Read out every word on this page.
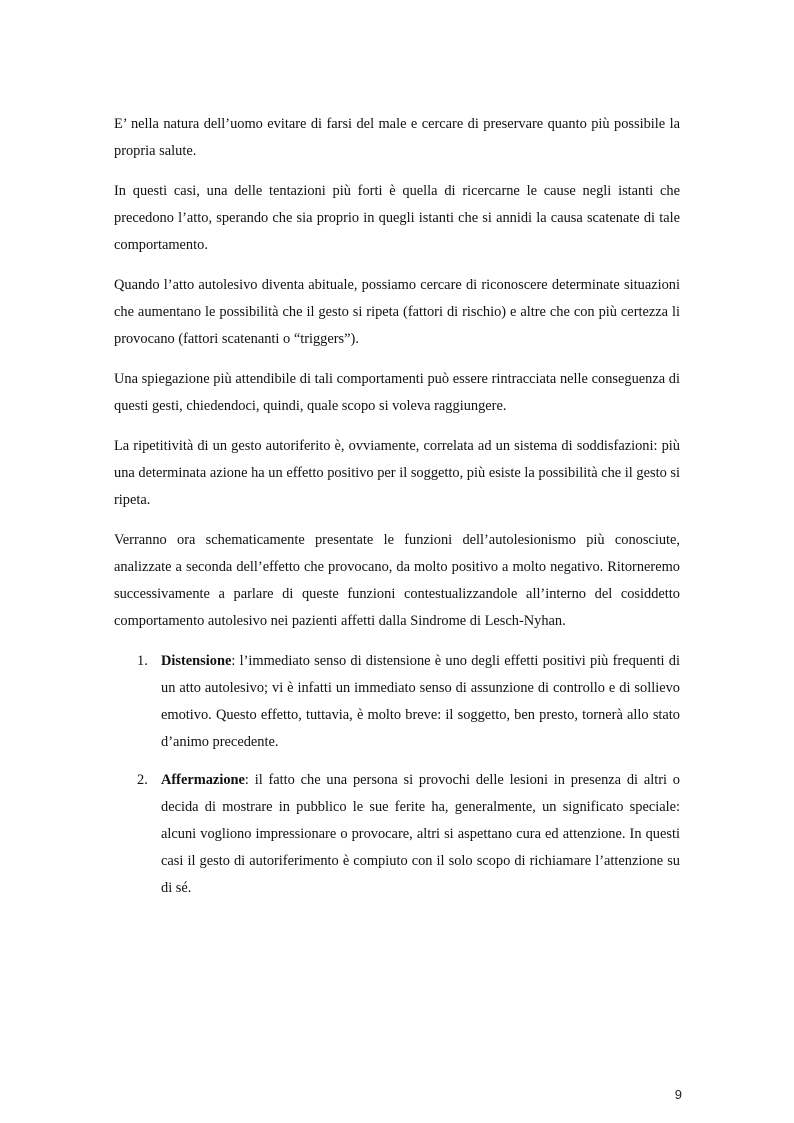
E’ nella natura dell’uomo evitare di farsi del male e cercare di preservare quanto più possibile la propria salute.

In questi casi, una delle tentazioni più forti è quella di ricercarne le cause negli istanti che precedono l’atto, sperando che sia proprio in quegli istanti che si annidi la causa scatenate di tale comportamento.

Quando l’atto autolesivo diventa abituale, possiamo cercare di riconoscere determinate situazioni che aumentano le possibilità che il gesto si ripeta (fattori di rischio) e altre che con più certezza li provocano (fattori scatenanti o “triggers”).

Una spiegazione più attendibile di tali comportamenti può essere rintracciata nelle conseguenza di questi gesti, chiedendoci, quindi, quale scopo si voleva raggiungere.

La ripetitività di un gesto autoriferito è, ovviamente, correlata ad un sistema di soddisfazioni: più una determinata azione ha un effetto positivo per il soggetto, più esiste la possibilità che il gesto si ripeta.

Verranno ora schematicamente presentate le funzioni dell’autolesionismo più conosciute, analizzate a seconda dell’effetto che provocano, da molto positivo a molto negativo. Ritorneremo successivamente a parlare di queste funzioni contestualizzandole all’interno del cosiddetto comportamento autolesivo nei pazienti affetti dalla Sindrome di Lesch-Nyhan.

1. Distensione: l’immediato senso di distensione è uno degli effetti positivi più frequenti di un atto autolesivo; vi è infatti un immediato senso di assunzione di controllo e di sollievo emotivo. Questo effetto, tuttavia, è molto breve: il soggetto, ben presto, tornerà allo stato d’animo precedente.
2. Affermazione: il fatto che una persona si provochi delle lesioni in presenza di altri o decida di mostrare in pubblico le sue ferite ha, generalmente, un significato speciale: alcuni vogliono impressionare o provocare, altri si aspettano cura ed attenzione. In questi casi il gesto di autoriferimento è compiuto con il solo scopo di richiamare l’attenzione su di sé.
9
